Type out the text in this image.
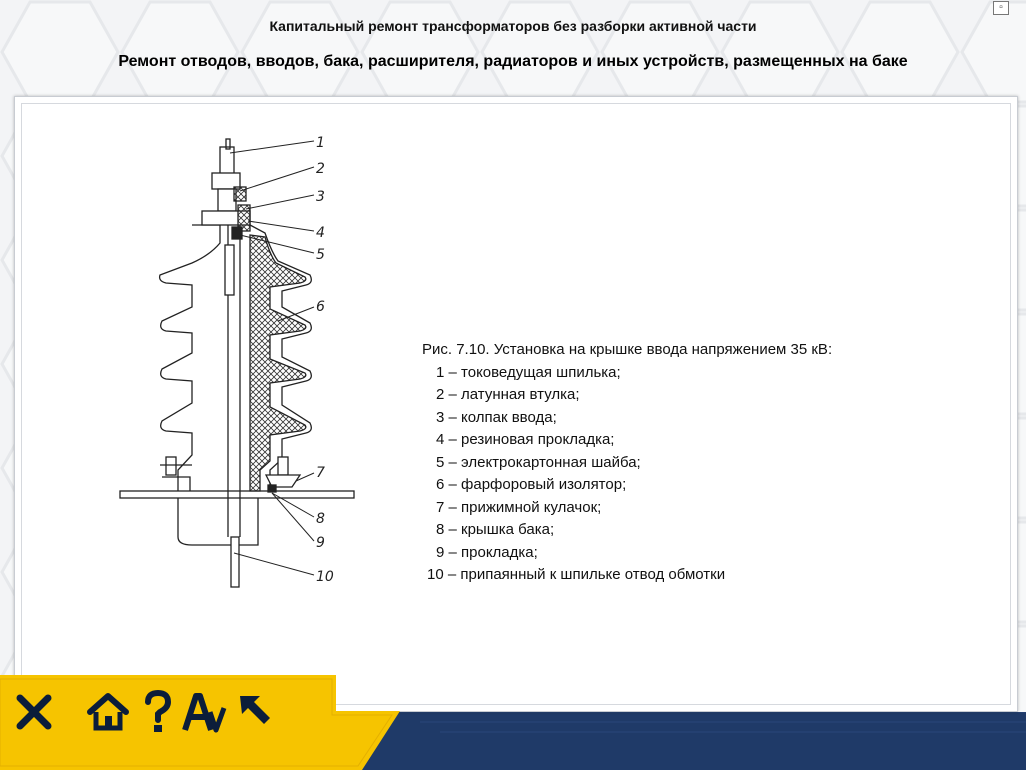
▫
Капитальный ремонт трансформаторов без разборки активной части
Ремонт отводов, вводов, бака, расширителя, радиаторов и иных устройств, размещенных на баке
1
2
3
4
5
6
7
8
9
10
Рис. 7.10. Установка на крышке ввода напряжением 35 кВ:
1 – токоведущая шпилька;
2 – латунная втулка;
3 – колпак ввода;
4 – резиновая прокладка;
5 – электрокартонная шайба;
6 – фарфоровый изолятор;
7 – прижимной кулачок;
8 – крышка бака;
9 – прокладка;
10 – припаянный к шпильке отвод обмотки
